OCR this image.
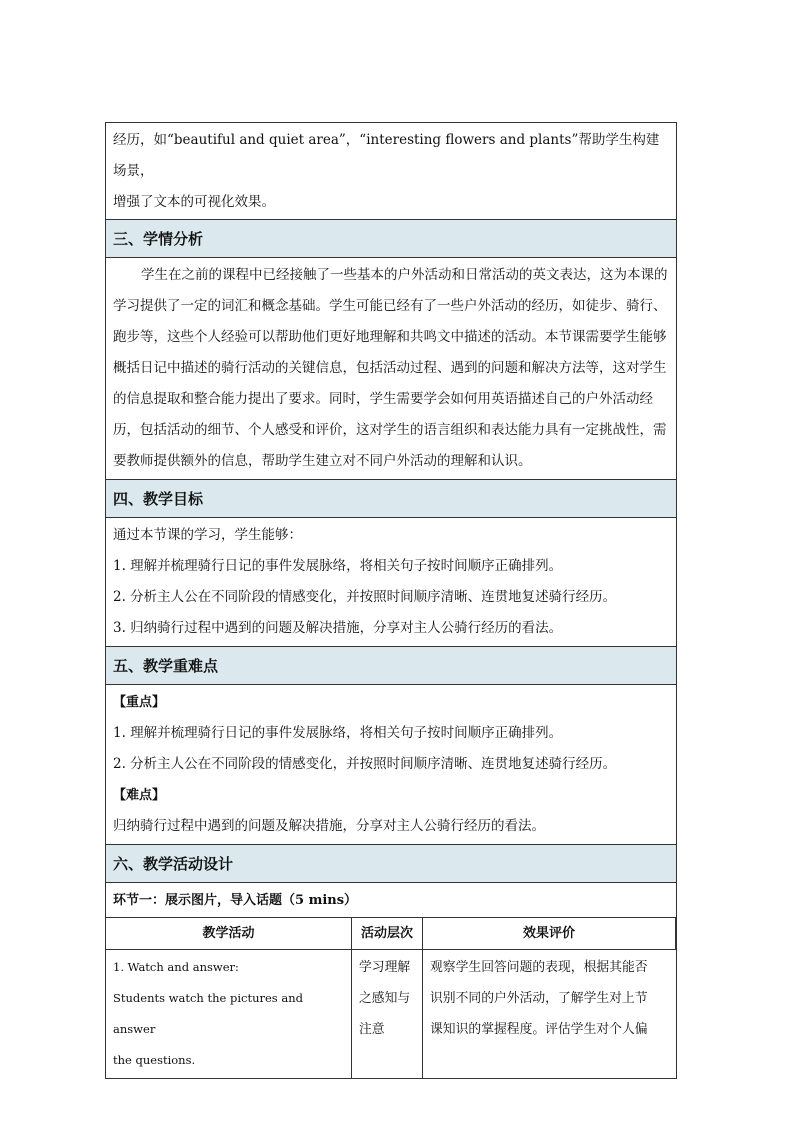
经历，如“beautiful and quiet area”，“interesting flowers and plants”帮助学生构建场景，
增强了文本的可视化效果。
三、学情分析
学生在之前的课程中已经接触了一些基本的户外活动和日常活动的英文表达，这为本课的学习提供了一定的词汇和概念基础。学生可能已经有了一些户外活动的经历，如徒步、骑行、跑步等，这些个人经验可以帮助他们更好地理解和共鸣文中描述的活动。本节课需要学生能够概括日记中描述的骑行活动的关键信息，包括活动过程、遇到的问题和解决方法等，这对学生的信息提取和整合能力提出了要求。同时，学生需要学会如何用英语描述自己的户外活动经历，包括活动的细节、个人感受和评价，这对学生的语言组织和表达能力具有一定挑战性，需要教师提供额外的信息，帮助学生建立对不同户外活动的理解和认识。
四、教学目标
通过本节课的学习，学生能够：
1. 理解并梳理骑行日记的事件发展脉络，将相关句子按时间顺序正确排列。
2. 分析主人公在不同阶段的情感变化，并按照时间顺序清晰、连贯地复述骑行经历。
3. 归纳骑行过程中遇到的问题及解决措施，分享对主人公骑行经历的看法。
五、教学重难点
【重点】
1. 理解并梳理骑行日记的事件发展脉络，将相关句子按时间顺序正确排列。
2. 分析主人公在不同阶段的情感变化，并按照时间顺序清晰、连贯地复述骑行经历。
【难点】
归纳骑行过程中遇到的问题及解决措施，分享对主人公骑行经历的看法。
六、教学活动设计
环节一：展示图片，导入话题（5 mins）
教学活动	活动层次	效果评价
1. Watch and answer:
Students watch the pictures and answer
the questions.
学习理解
之感知与
注意
观察学生回答问题的表现，根据其能否
识别不同的户外活动，了解学生对上节
课知识的掌握程度。评估学生对个人偏
